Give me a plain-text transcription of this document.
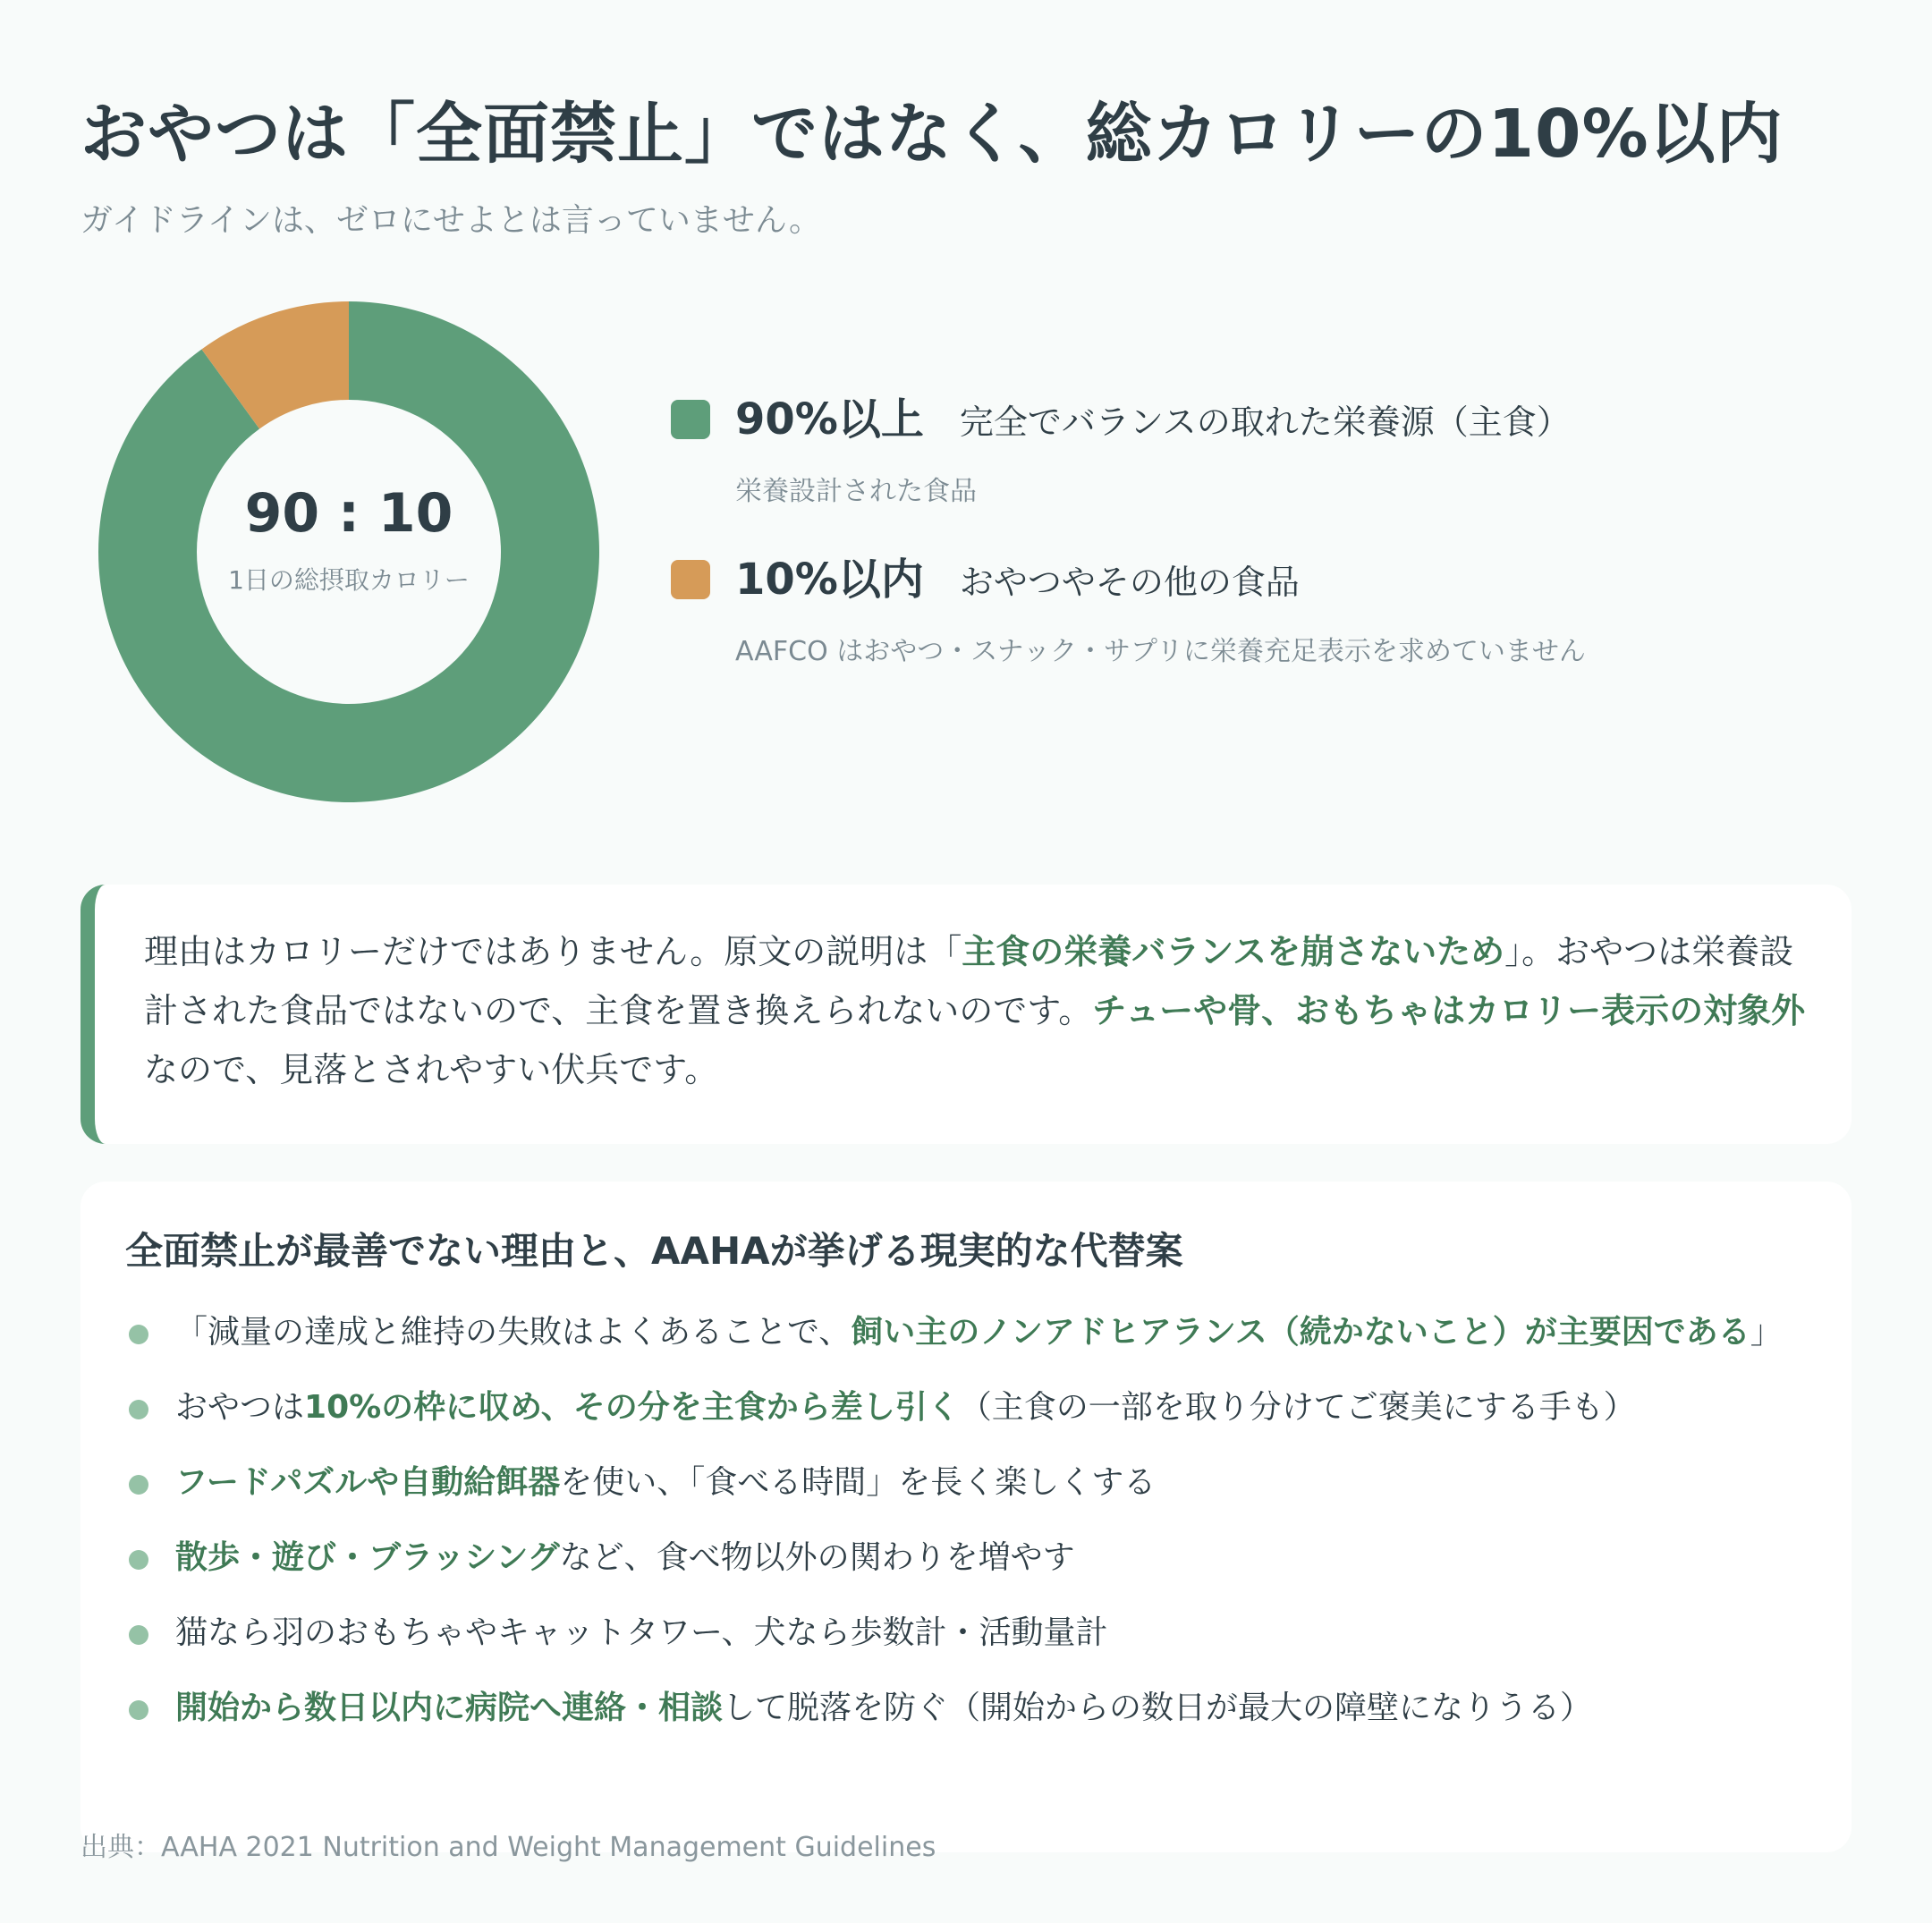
おやつは「全面禁止」ではなく、総カロリーの10%以内
ガイドラインは、ゼロにせよとは言っていません。
90 : 10
1日の総摂取カロリー
90%以上 完全でバランスの取れた栄養源（主食）
栄養設計された食品
10%以内 おやつやその他の食品
AAFCO はおやつ・スナック・サプリに栄養充足表示を求めていません
理由はカロリーだけではありません。原文の説明は「主食の栄養バランスを崩さないため」。おやつは栄養設計された食品ではないので、主食を置き換えられないのです。チューや骨、おもちゃはカロリー表示の対象外なので、見落とされやすい伏兵です。
全面禁止が最善でない理由と、AAHAが挙げる現実的な代替案
「減量の達成と維持の失敗はよくあることで、飼い主のノンアドヒアランス（続かないこと）が主要因である」
おやつは10%の枠に収め、その分を主食から差し引く（主食の一部を取り分けてご褒美にする手も）
フードパズルや自動給餌器を使い、「食べる時間」を長く楽しくする
散歩・遊び・ブラッシングなど、食べ物以外の関わりを増やす
猫なら羽のおもちゃやキャットタワー、犬なら歩数計・活動量計
開始から数日以内に病院へ連絡・相談して脱落を防ぐ（開始からの数日が最大の障壁になりうる）
出典：AAHA 2021 Nutrition and Weight Management Guidelines
